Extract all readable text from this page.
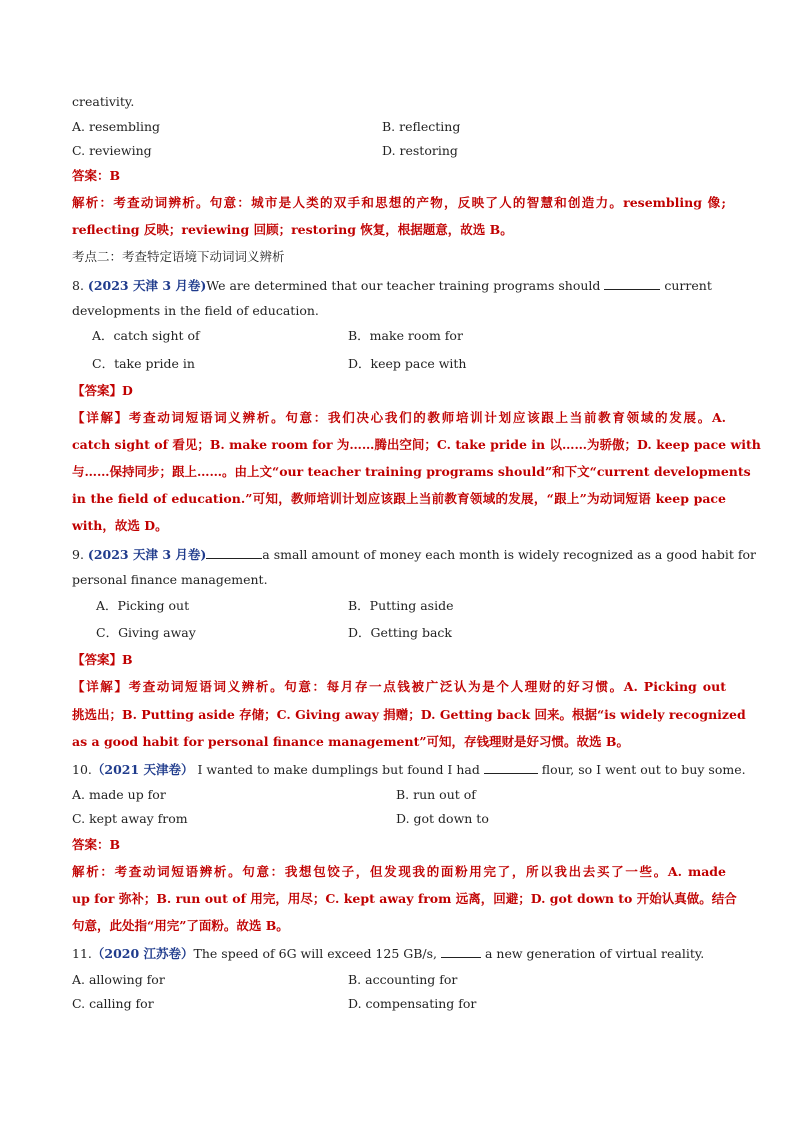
creativity.
A. resembling	B. reflecting
C. reviewing	D. restoring
答案：B
解析：考查动词辨析。句意：城市是人类的双手和思想的产物，反映了人的智慧和创造力。resembling 像;
reflecting 反映；reviewing 回顾；restoring 恢复，根据题意，故选 B。
考点二：考查特定语境下动词词义辨析
8. (2023 天津 3 月卷)We are determined that our teacher training programs should	current
developments in the field of education.
A．catch sight of	B．make room for
C．take pride in	D．keep pace with
【答案】D
【详解】考查动词短语词义辨析。句意：我们决心我们的教师培训计划应该跟上当前教育领域的发展。A.
catch sight of 看见；B. make room for 为……腾出空间；C. take pride in 以……为骄傲；D. keep pace with
与……保持同步；跟上……。由上文“our teacher training programs should”和下文“current developments
in the field of education.”可知，教师培训计划应该跟上当前教育领域的发展，“跟上”为动词短语 keep pace
with，故选 D。
9. (2023 天津 3 月卷)	a small amount of money each month is widely recognized as a good habit for
personal finance management.
A．Picking out	B．Putting aside
C．Giving away	D．Getting back
【答案】B
【详解】考查动词短语词义辨析。句意：每月存一点钱被广泛认为是个人理财的好习惯。A. Picking out
挑选出；B. Putting aside 存储；C. Giving away 捐赠；D. Getting back 回来。根据“is widely recognized
as a good habit for personal finance management”可知，存钱理财是好习惯。故选 B。
10.（2021 天津卷） I wanted to make dumplings but found I had	flour, so I went out to buy some.
A. made up for	B. run out of
C. kept away from	D. got down to
答案：B
解析：考查动词短语辨析。句意：我想包饺子，但发现我的面粉用完了，所以我出去买了一些。A. made
up for 弥补；B. run out of 用完，用尽；C. kept away from 远离，回避；D. got down to 开始认真做。结合
句意，此处指“用完”了面粉。故选 B。
11.（2020 江苏卷）The speed of 6G will exceed 125 GB/s,	a new generation of virtual reality.
A. allowing for	B. accounting for
C. calling for	D. compensating for
